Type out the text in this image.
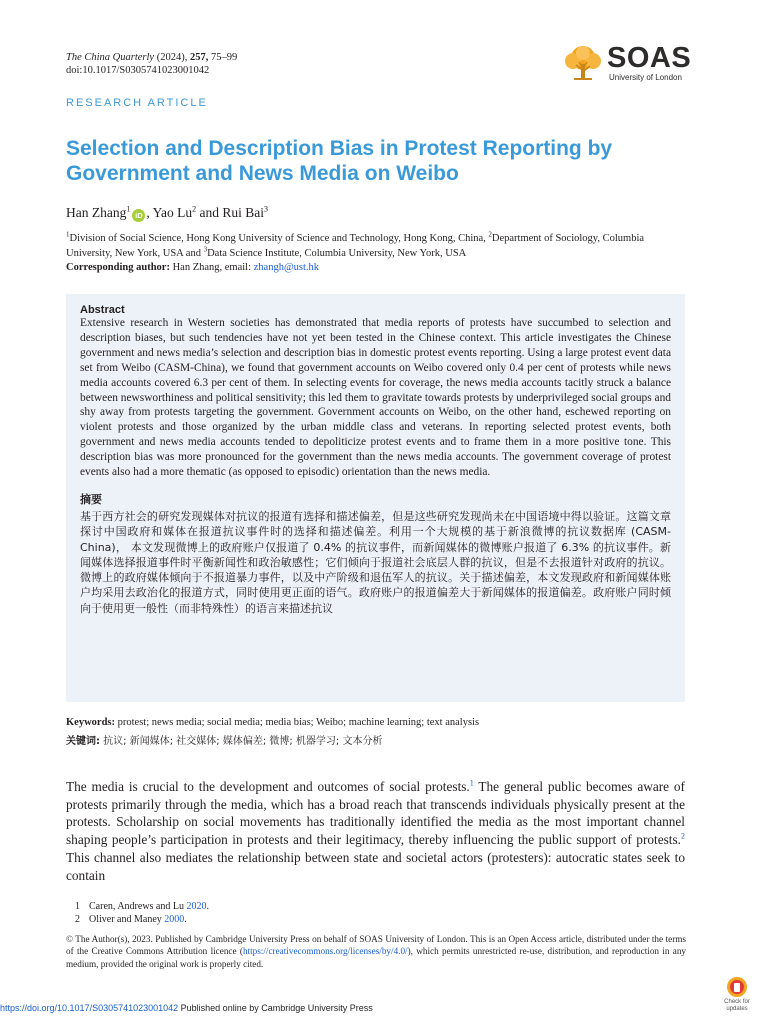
The China Quarterly (2024), 257, 75–99
doi:10.1017/S0305741023001042	SOAS
University of London
RESEARCH ARTICLE
Selection and Description Bias in Protest Reporting by Government and News Media on Weibo
Han Zhang$^1$iD , Yao Lu$^2$ and Rui Bai$^3$
$^1$Division of Social Science, Hong Kong University of Science and Technology, Hong Kong, China, $^2$Department of Sociology, Columbia University, New York, USA and $^3$Data Science Institute, Columbia University, New York, USA
Corresponding author: Han Zhang, email: zhangh@ust.hk
Abstract
Extensive research in Western societies has demonstrated that media reports of protests have succumbed to selection and description biases, but such tendencies have not yet been tested in the Chinese context. This article investigates the Chinese government and news media’s selection and description bias in domestic protest events reporting. Using a large protest event data set from Weibo (CASM-China), we found that government accounts on Weibo covered only 0.4 per cent of protests while news media accounts covered 6.3 per cent of them. In selecting events for coverage, the news media accounts tacitly struck a balance between newsworthiness and political sensitivity; this led them to gravitate towards protests by underprivileged social groups and shy away from protests targeting the government. Government accounts on Weibo, on the other hand, eschewed reporting on violent protests and those organized by the urban middle class and veterans. In reporting selected protest events, both government and news media accounts tended to depoliticize protest events and to frame them in a more positive tone. This description bias was more pronounced for the government than the news media accounts. The government coverage of protest events also had a more thematic (as opposed to episodic) orientation than the news media.
摘要
基于西方社会的研究发现媒体对抗议的报道有选择和描述偏差，但是这些研究发现尚未在中国语境中得以验证。这篇文章探讨中国政府和媒体在报道抗议事件时的选择和描述偏差。利用一个大规模的基于新浪微博的抗议数据库 (CASM-China)， 本文发现微博上的政府账户仅报道了 0.4% 的抗议事件，而新闻媒体的微博账户报道了 6.3% 的抗议事件。新闻媒体选择报道事件时平衡新闻性和政治敏感性；它们倾向于报道社会底层人群的抗议，但是不去报道针对政府的抗议。微博上的政府媒体倾向于不报道暴力事件，以及中产阶级和退伍军人的抗议。关于描述偏差，本文发现政府和新闻媒体账户均采用去政治化的报道方式，同时使用更正面的语气。政府账户的报道偏差大于新闻媒体的报道偏差。政府账户同时倾向于使用更一般性（而非特殊性）的语言来描述抗议
Keywords: protest; news media; social media; media bias; Weibo; machine learning; text analysis
关键词: 抗议; 新闻媒体; 社交媒体; 媒体偏差; 微博; 机器学习; 文本分析
The media is crucial to the development and outcomes of social protests.$^1$ The general public becomes aware of protests primarily through the media, which has a broad reach that transcends individuals physically present at the protests. Scholarship on social movements has traditionally identified the media as the most important channel shaping people’s participation in protests and their legitimacy, thereby influencing the public support of protests.$^2$ This channel also mediates the relationship between state and societal actors (protesters): autocratic states seek to contain
1 Caren, Andrews and Lu 2020.
2 Oliver and Maney 2000.
© The Author(s), 2023. Published by Cambridge University Press on behalf of SOAS University of London. This is an Open Access article, distributed under the terms of the Creative Commons Attribution licence (https://creativecommons.org/licenses/by/4.0/), which permits unrestricted re-use, distribution, and reproduction in any medium, provided the original work is properly cited.
https://doi.org/10.1017/S0305741023001042 Published online by Cambridge University Press
Check for
updates
